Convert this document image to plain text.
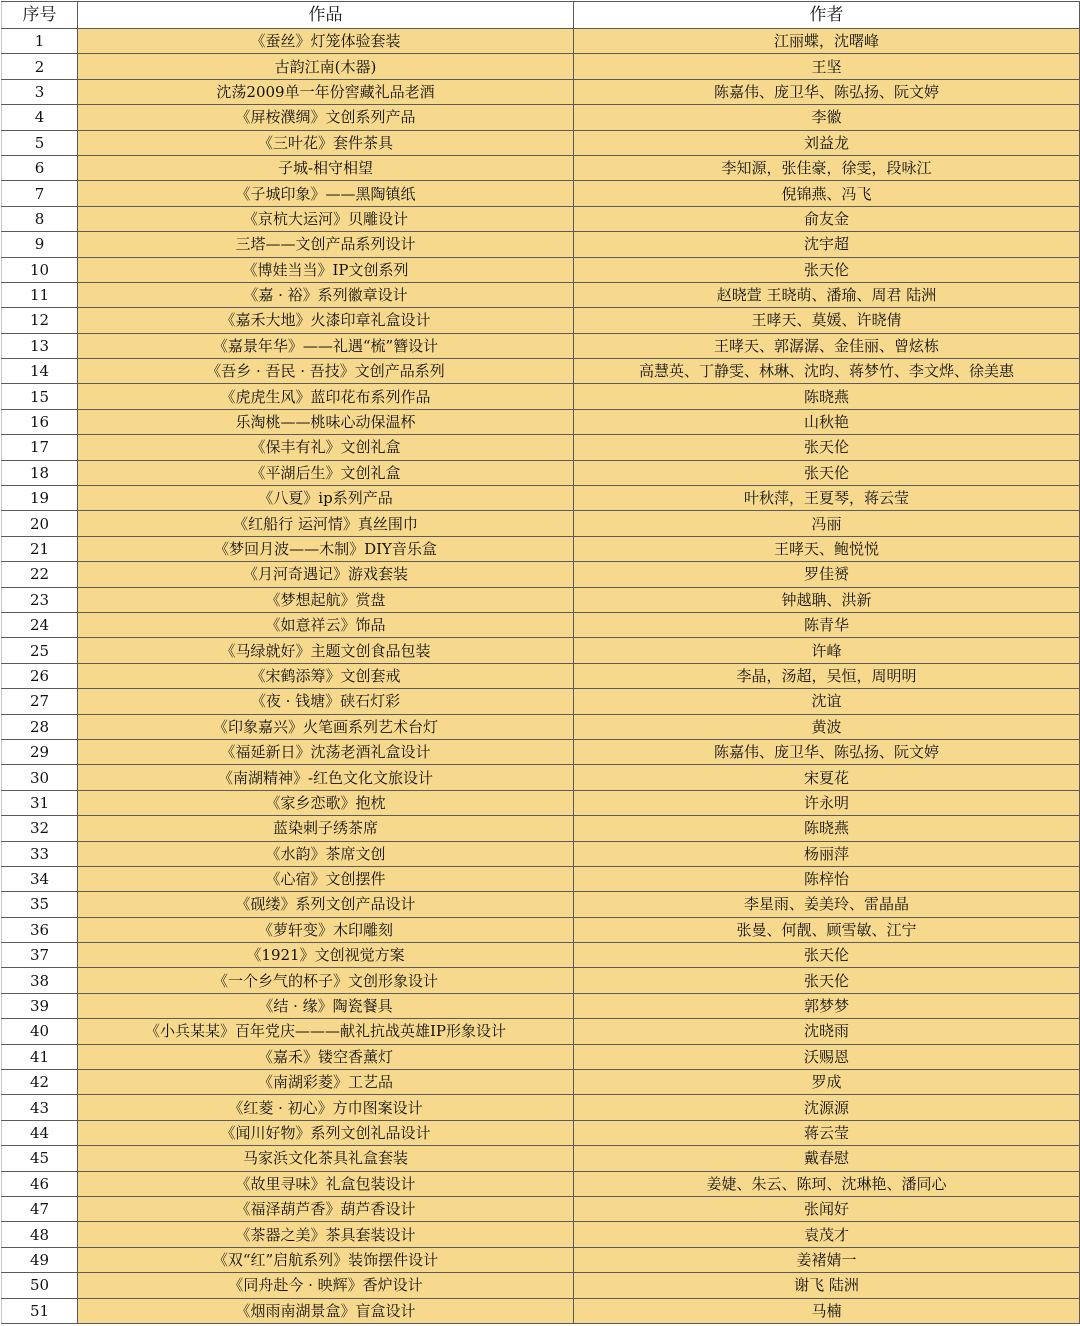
序号	作品	作者
1	《蚕丝》灯笼体验套装	江丽蝶，沈曙峰
2	古韵江南(木器)	王坚
3	沈荡2009单一年份窖藏礼品老酒	陈嘉伟、庞卫华、陈弘扬、阮文婷
4	《屏桉濮绸》文创系列产品	李徽
5	《三叶花》套件茶具	刘益龙
6	子城-相守相望	李知源，张佳豪，徐雯，段咏江
7	《子城印象》——黑陶镇纸	倪锦燕、冯飞
8	《京杭大运河》贝雕设计	俞友金
9	三塔——文创产品系列设计	沈宇超
10	《博娃当当》IP文创系列	张天伦
11	《嘉 · 裕》系列徽章设计	赵晓萱 王晓萌、潘瑜、周君 陆洲
12	《嘉禾大地》火漆印章礼盒设计	王哮天、莫媛、许晓倩
13	《嘉景年华》——礼遇“梳”簪设计	王哮天、郭潺潺、金佳丽、曾炫栋
14	《吾乡 · 吾民 · 吾技》文创产品系列	高慧英、丁静雯、林琳、沈昀、蒋梦竹、李文烨、徐美惠
15	《虎虎生风》蓝印花布系列作品	陈晓燕
16	乐淘桃——桃味心动保温杯	山秋艳
17	《保丰有礼》文创礼盒	张天伦
18	《平湖后生》文创礼盒	张天伦
19	《八夏》ip系列产品	叶秋萍，王夏琴，蒋云莹
20	《红船行 运河情》真丝围巾	冯丽
21	《梦回月波——木制》DIY音乐盒	王哮天、鲍悦悦
22	《月河奇遇记》游戏套装	罗佳赟
23	《梦想起航》赏盘	钟越聃、洪新
24	《如意祥云》饰品	陈青华
25	《马绿就好》主题文创食品包装	许峰
26	《宋鹤添筹》文创套戒	李晶，汤超，吴恒，周明明
27	《夜 · 钱塘》硖石灯彩	沈谊
28	《印象嘉兴》火笔画系列艺术台灯	黄波
29	《福延新日》沈荡老酒礼盒设计	陈嘉伟、庞卫华、陈弘扬、阮文婷
30	《南湖精神》-红色文化文旅设计	宋夏花
31	《家乡恋歌》抱枕	许永明
32	蓝染刺子绣茶席	陈晓燕
33	《水韵》茶席文创	杨丽萍
34	《心宿》文创摆件	陈梓怡
35	《砚缕》系列文创产品设计	李星雨、姜美玲、雷晶晶
36	《萝轩变》木印雕刻	张曼、何靓、顾雪敏、江宁
37	《1921》文创视觉方案	张天伦
38	《一个乡气的杯子》文创形象设计	张天伦
39	《结 · 缘》陶瓷餐具	郭梦梦
40	《小兵某某》百年党庆———献礼抗战英雄IP形象设计	沈晓雨
41	《嘉禾》镂空香薰灯	沃赐恩
42	《南湖彩菱》工艺品	罗成
43	《红菱 · 初心》方巾图案设计	沈源源
44	《闻川好物》系列文创礼品设计	蒋云莹
45	马家浜文化茶具礼盒套装	戴春慰
46	《故里寻味》礼盒包装设计	姜婕、朱云、陈珂、沈琳艳、潘同心
47	《福泽葫芦香》葫芦香设计	张闻好
48	《茶器之美》茶具套装设计	袁茂才
49	《双“红”启航系列》装饰摆件设计	姜褚婧一
50	《同舟赴今 · 映辉》香炉设计	谢飞 陆洲
51	《烟雨南湖景盒》盲盒设计	马楠
